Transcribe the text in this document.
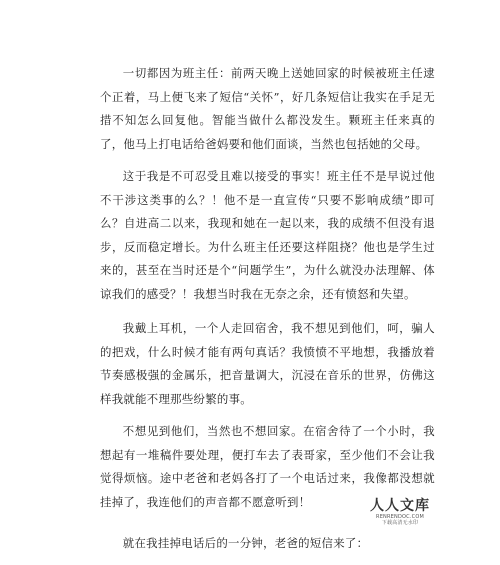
一切都因为班主任：前两天晚上送她回家的时候被班主任逮个正着，马上便飞来了短信“关怀”，好几条短信让我实在手足无措不知怎么回复他。智能当做什么都没发生。颗班主任来真的了，他马上打电话给爸妈要和他们面谈，当然也包括她的父母。

这于我是不可忍受且难以接受的事实！班主任不是早说过他不干涉这类事的么？！他不是一直宣传“只要不影响成绩”即可么？自进高二以来，我现和她在一起以来，我的成绩不但没有退步，反而稳定增长。为什么班主任还要这样阻挠？他也是学生过来的，甚至在当时还是个“问题学生”，为什么就没办法理解、体谅我们的感受？！我想当时我在无奈之余，还有愤怒和失望。

我戴上耳机，一个人走回宿舍，我不想见到他们，呵，骗人的把戏，什么时候才能有两句真话？我愤愤不平地想，我播放着节奏感极强的金属乐，把音量调大，沉浸在音乐的世界，仿佛这样我就能不理那些纷繁的事。

不想见到他们，当然也不想回家。在宿舍待了一个小时，我想起有一堆稿件要处理，便打车去了表哥家，至少他们不会让我觉得烦恼。途中老爸和老妈各打了一个电话过来，我像都没想就挂掉了，我连他们的声音都不愿意听到！

就在我挂掉电话后的一分钟，老爸的短信来了：

人人文库
RENRENDOC.COM
下载高清无水印
